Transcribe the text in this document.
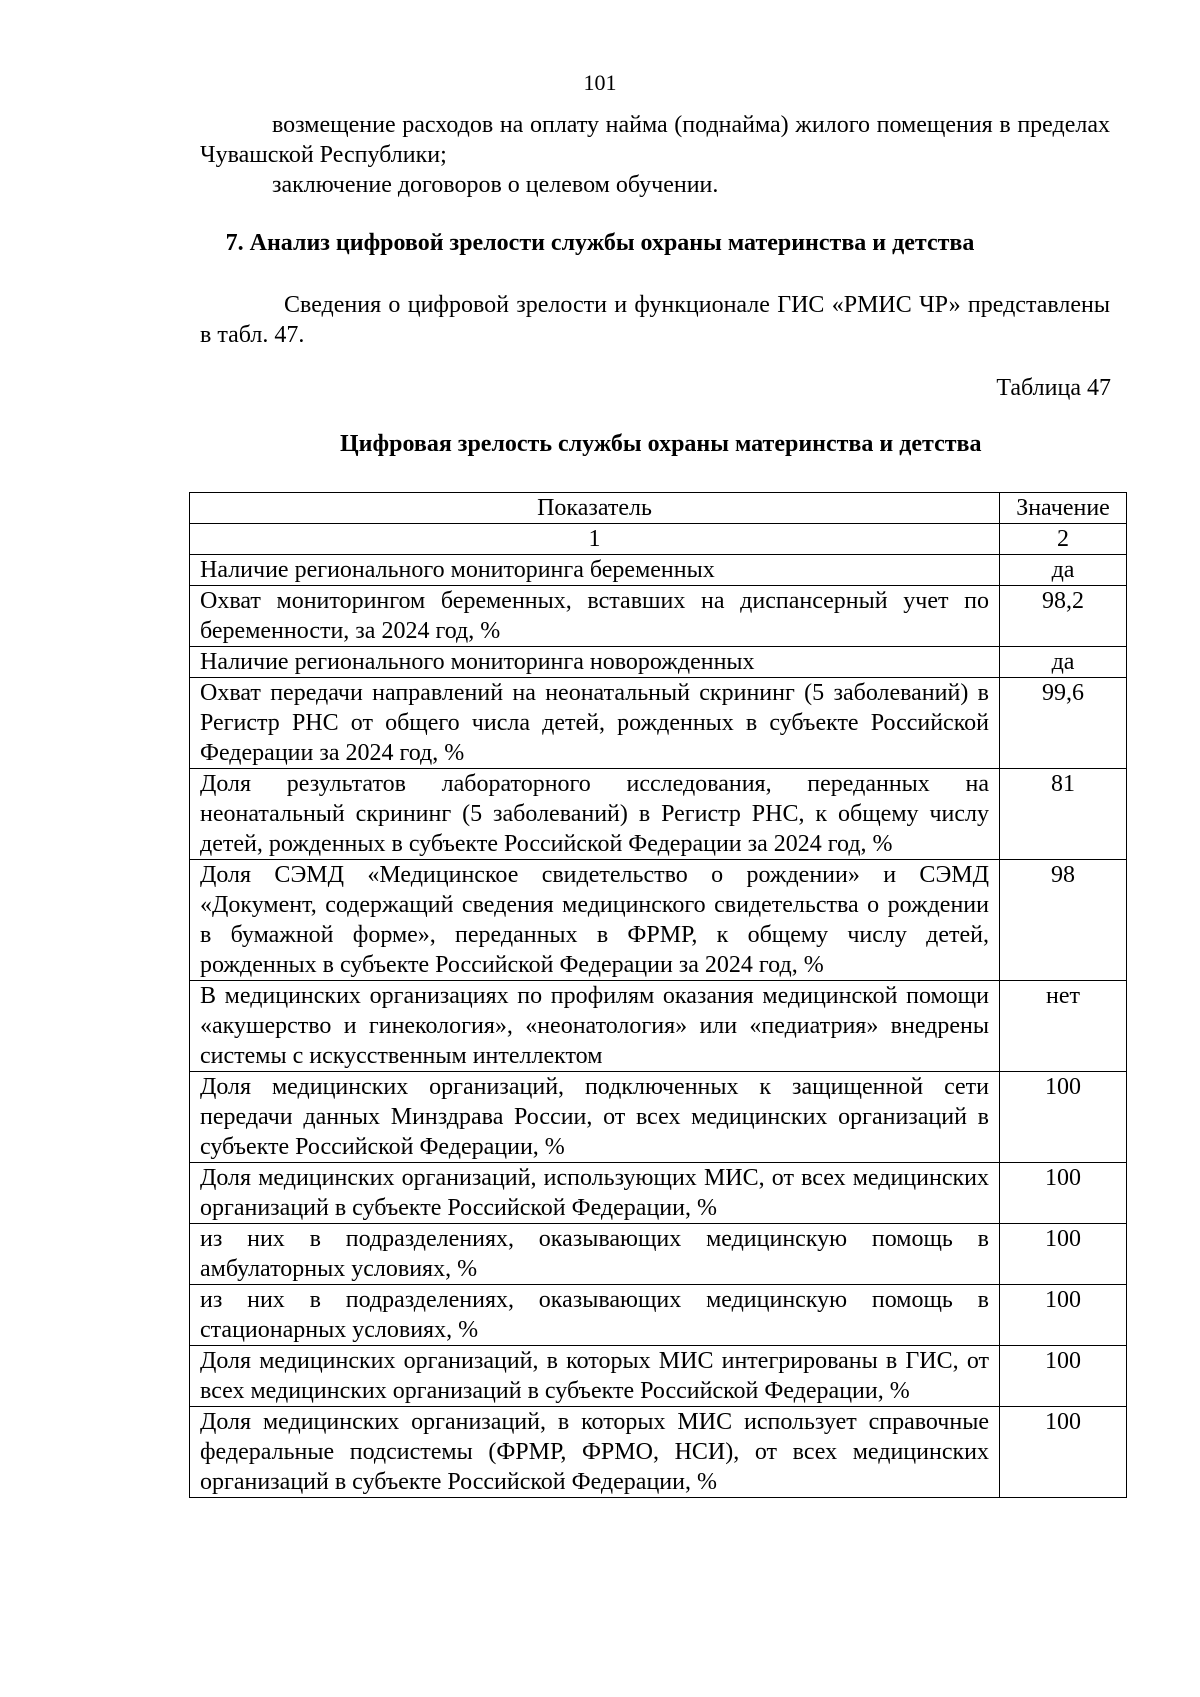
101
возмещение расходов на оплату найма (поднайма) жилого помещения в пределах Чувашской Республики;
заключение договоров о целевом обучении.
7. Анализ цифровой зрелости службы охраны материнства и детства
Сведения о цифровой зрелости и функционале ГИС «РМИС ЧР» представлены в табл. 47.
Таблица 47
Цифровая зрелость службы охраны материнства и детства
Показатель	Значение
1	2
Наличие регионального мониторинга беременных	да
Охват мониторингом беременных, вставших на диспансерный учет по беременности, за 2024 год, %	98,2
Наличие регионального мониторинга новорожденных	да
Охват передачи направлений на неонатальный скрининг (5 заболеваний) в Регистр РНС от общего числа детей, рожденных в субъекте Российской Федерации за 2024 год, %	99,6
Доля результатов лабораторного исследования, переданных на неонатальный скрининг (5 заболеваний) в Регистр РНС, к общему числу детей, рожденных в субъекте Российской Федерации за 2024 год, %	81
Доля СЭМД «Медицинское свидетельство о рождении» и СЭМД «Документ, содержащий сведения медицинского свидетельства о рождении в бумажной форме», переданных в ФРМР, к общему числу детей, рожденных в субъекте Российской Федерации за 2024 год, %	98
В медицинских организациях по профилям оказания медицинской помощи «акушерство и гинекология», «неонатология» или «педиатрия» внедрены системы с искусственным интеллектом	нет
Доля медицинских организаций, подключенных к защищенной сети передачи данных Минздрава России, от всех медицинских организаций в субъекте Российской Федерации, %	100
Доля медицинских организаций, использующих МИС, от всех медицинских организаций в субъекте Российской Федерации, %	100
из них в подразделениях, оказывающих медицинскую помощь в амбулаторных условиях, %	100
из них в подразделениях, оказывающих медицинскую помощь в стационарных условиях, %	100
Доля медицинских организаций, в которых МИС интегрированы в ГИС, от всех медицинских организаций в субъекте Российской Федерации, %	100
Доля медицинских организаций, в которых МИС использует справочные федеральные подсистемы (ФРМР, ФРМО, НСИ), от всех медицинских организаций в субъекте Российской Федерации, %	100
